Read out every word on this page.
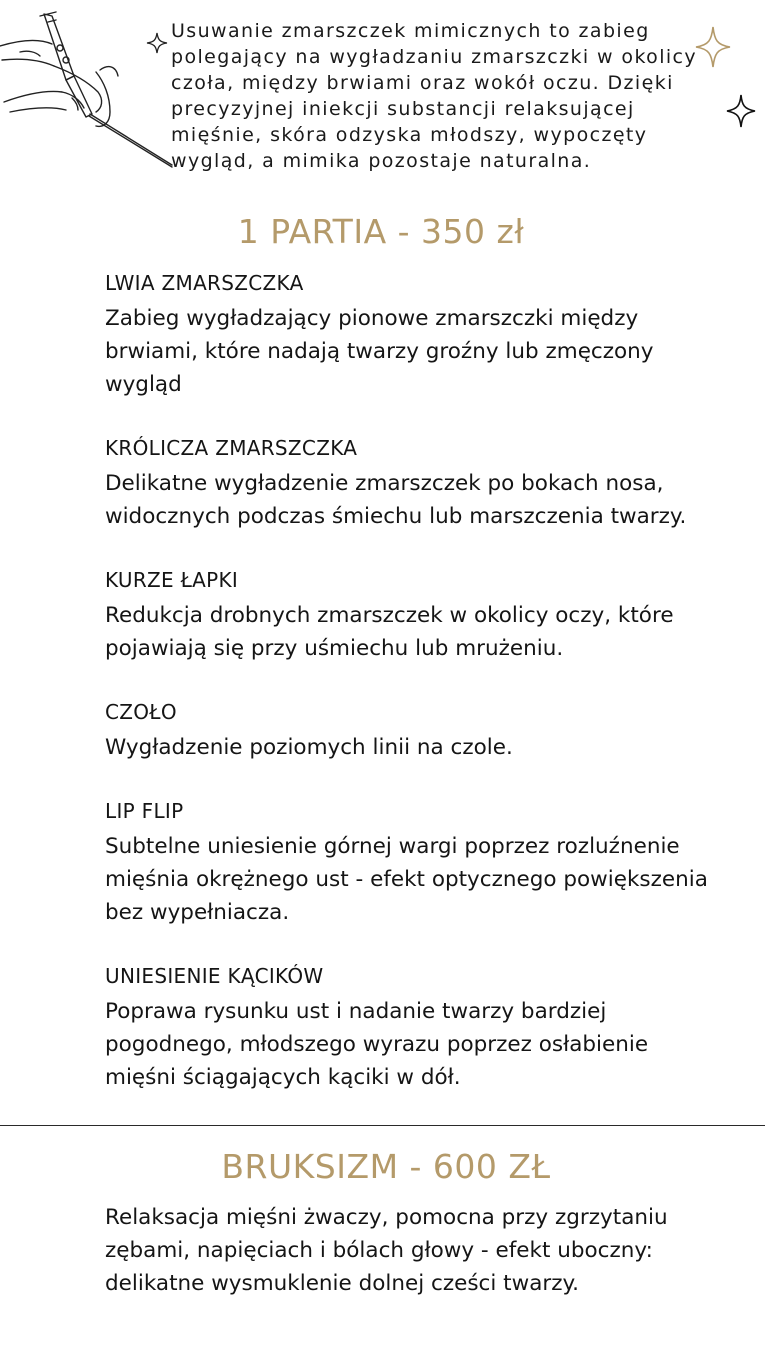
Usuwanie zmarszczek mimicznych to zabieg polegający na wygładzaniu zmarszczki w okolicy czoła, między brwiami oraz wokół oczu. Dzięki precyzyjnej iniekcji substancji relaksującej mięśnie, skóra odzyska młodszy, wypoczęty wygląd, a mimika pozostaje naturalna.

1 PARTIA - 350 zł
LWIA ZMARSZCZKA
Zabieg wygładzający pionowe zmarszczki między
brwiami, które nadają twarzy groźny lub zmęczony
wygląd
KRÓLICZA ZMARSZCZKA
Delikatne wygładzenie zmarszczek po bokach nosa,
widocznych podczas śmiechu lub marszczenia twarzy.
KURZE ŁAPKI
Redukcja drobnych zmarszczek w okolicy oczy, które
pojawiają się przy uśmiechu lub mrużeniu.
CZOŁO
Wygładzenie poziomych linii na czole.
LIP FLIP
Subtelne uniesienie górnej wargi poprzez rozluźnenie
mięśnia okrężnego ust - efekt optycznego powiększenia
bez wypełniacza.
UNIESIENIE KĄCIKÓW
Poprawa rysunku ust i nadanie twarzy bardziej
pogodnego, młodszego wyrazu poprzez osłabienie
mięśni ściągających kąciki w dół.
BRUKSIZM - 600 ZŁ

Relaksacja mięśni żwaczy, pomocna przy zgrzytaniu
zębami, napięciach i bólach głowy - efekt uboczny:
delikatne wysmuklenie dolnej cześci twarzy.
